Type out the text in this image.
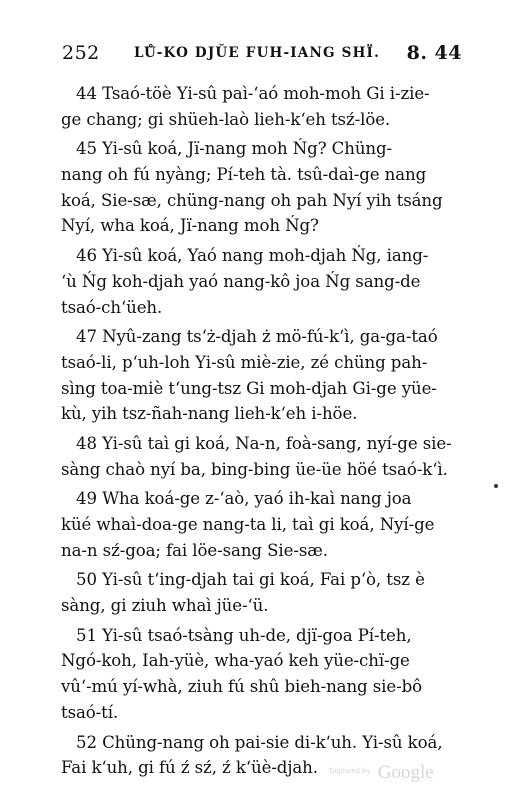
252	LŮ-KO DJŬE FUH-IANG SHÏ. 8. 44
44 Tsaó-töè Yi-sû paì-‘aó moh-moh Gi i-zie-
ge chang; gi shüeh-laò lieh-k‘eh tsź-löe.
45 Yi-sû koá, Jï-nang moh Ńg? Chüng-
nang oh fú nyàng; Pí-teh tà. tsû-daì-ge nang
koá, Sie-sæ, chüng-nang oh pah Nyí yih tsáng
Nyí, wha koá, Jï-nang moh Ńg?
46 Yi-sû koá, Yaó nang moh-djah Ńg, iang-
‘ù Ńg koh-djah yaó nang-kô joa Ńg sang-de
tsaó-ch‘üeh.
47 Nyû-zang ts‘ż-djah ż mö-fú-k‘ì, ga-ga-taó
tsaó-li, p‘uh-loh Yi-sû miè-zie, zé chüng pah-
sìng toa-miè t‘ung-tsz Gi moh-djah Gi-ge yüe-
kù, yih tsz-ñah-nang lieh-k‘eh i-höe.
48 Yi-sû taì gi koá, Na-n, foà-sang, nyí-ge sie-
sàng chaò nyí ba, bing-bing üe-üe höé tsaó-k‘ì.
49 Wha koá-ge z-‘aò, yaó ih-kaì nang joa
küé whaì-doa-ge nang-ta li, taì gi koá, Nyí-ge
na-n sź-goa; fai löe-sang Sie-sæ.
50 Yi-sû t‘ing-djah tai gi koá, Fai p‘ò, tsz è
sàng, gi ziuh whaì jüe-‘ü.
51 Yi-sû tsaó-tsàng uh-de, djï-goa Pí-teh,
Ngó-koh, Iah-yüè, wha-yaó keh yüe-chï-ge
vû‘-mú yí-whà, ziuh fú shû bieh-nang sie-bô
tsaó-tí.
52 Chüng-nang oh pai-sie di-k‘uh. Yi-sû koá,
Fai k‘uh, gi fú ź sź, ź k‘üè-djah.	$^{Digitized by}$ Google
